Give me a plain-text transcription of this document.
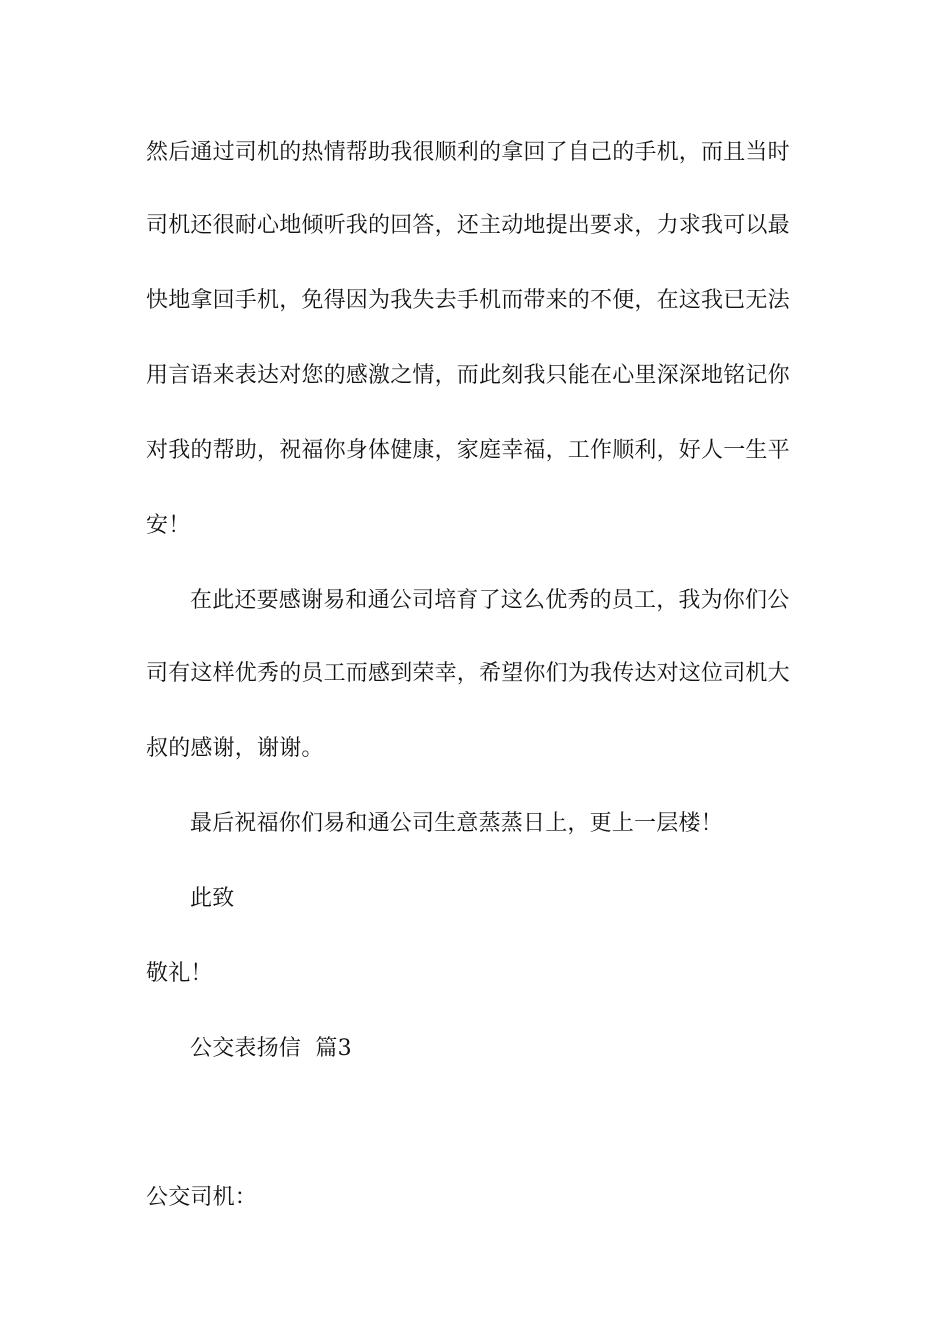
然后通过司机的热情帮助我很顺利的拿回了自己的手机，而且当时
司机还很耐心地倾听我的回答，还主动地提出要求，力求我可以最
快地拿回手机，免得因为我失去手机而带来的不便，在这我已无法
用言语来表达对您的感激之情，而此刻我只能在心里深深地铭记你
对我的帮助，祝福你身体健康，家庭幸福，工作顺利，好人一生平
安！
在此还要感谢易和通公司培育了这么优秀的员工，我为你们公
司有这样优秀的员工而感到荣幸，希望你们为我传达对这位司机大
叔的感谢，谢谢。
最后祝福你们易和通公司生意蒸蒸日上，更上一层楼！
此致
敬礼！
公交表扬信  篇3
公交司机：
